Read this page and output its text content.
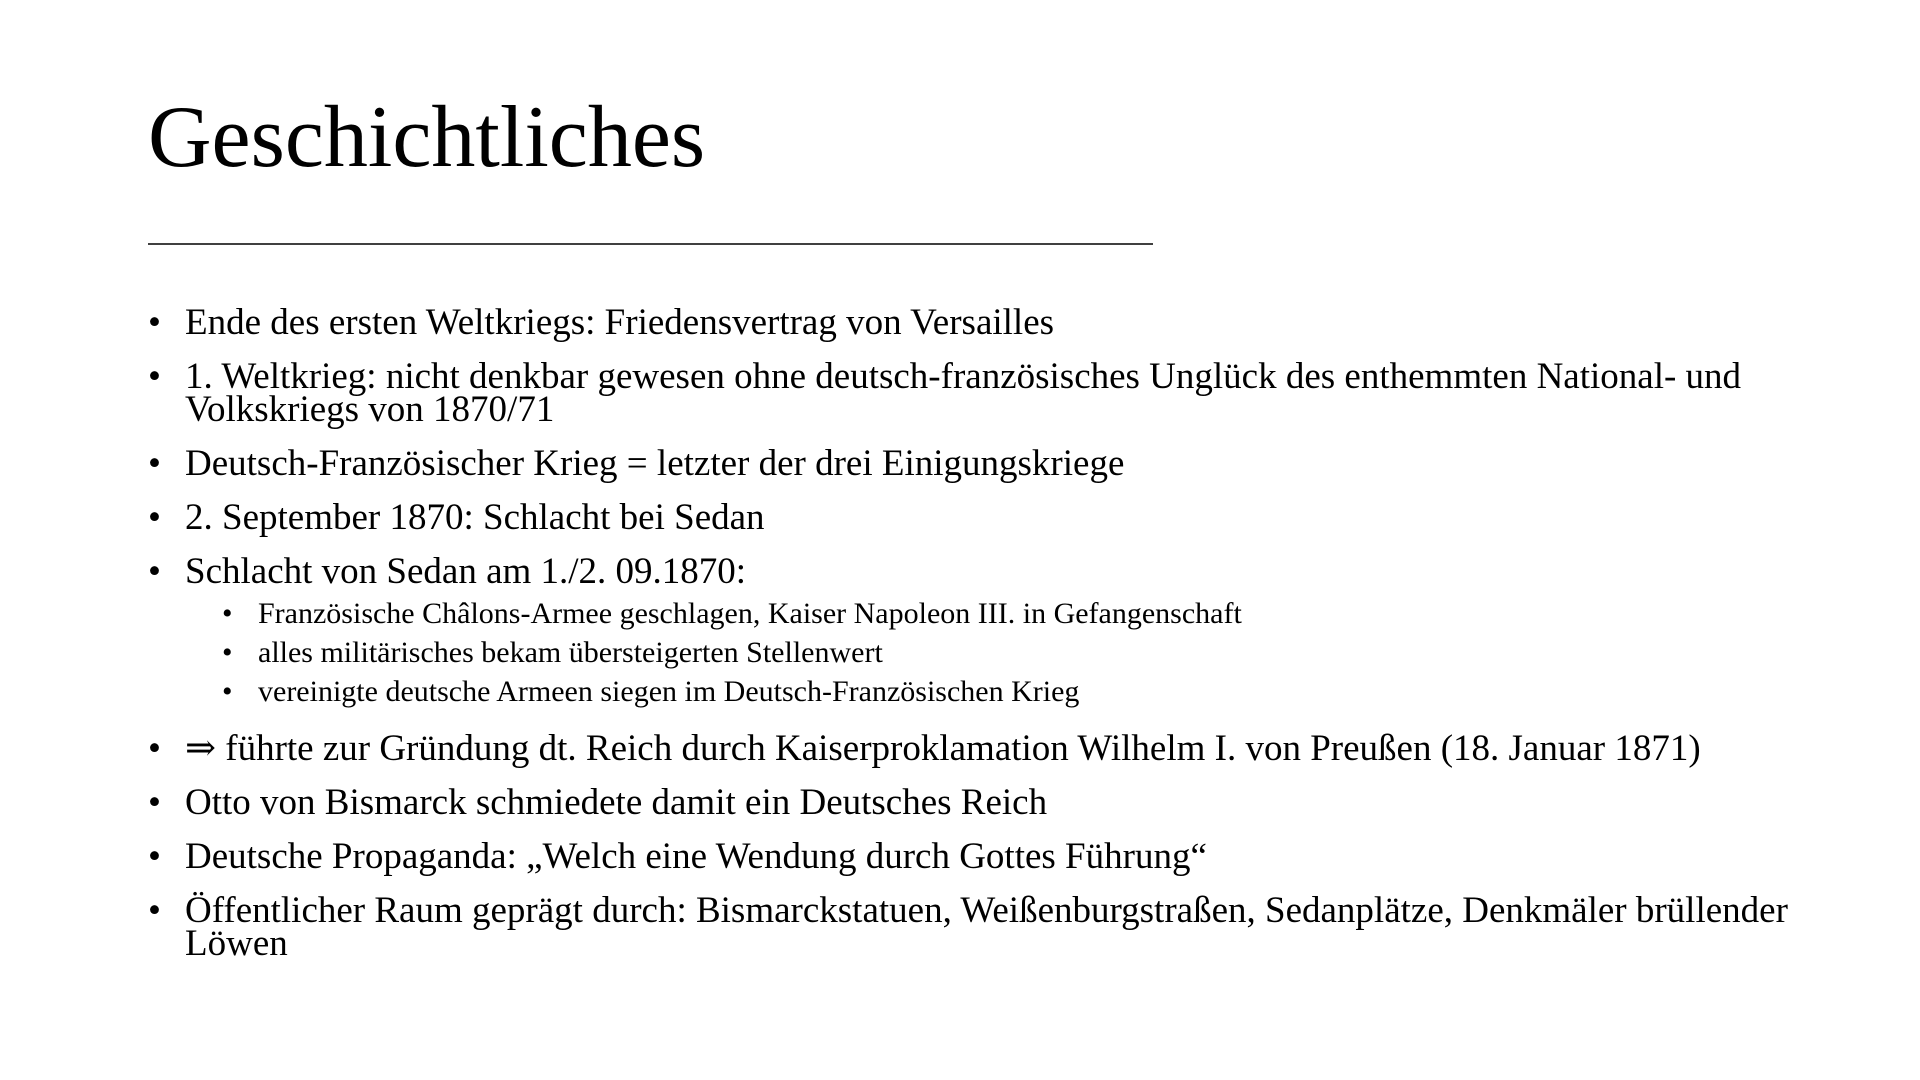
Geschichtliches
• Ende des ersten Weltkriegs: Friedensvertrag von Versailles
• 1. Weltkrieg: nicht denkbar gewesen ohne deutsch-französisches Unglück des enthemmten National- und Volkskriegs von 1870/71
• Deutsch-Französischer Krieg = letzter der drei Einigungskriege
• 2. September 1870: Schlacht bei Sedan
• Schlacht von Sedan am 1./2. 09.1870:
• Französische Châlons-Armee geschlagen, Kaiser Napoleon III. in Gefangenschaft
• alles militärisches bekam übersteigerten Stellenwert
• vereinigte deutsche Armeen siegen im Deutsch-Französischen Krieg
• ⇒ führte zur Gründung dt. Reich durch Kaiserproklamation Wilhelm I. von Preußen (18. Januar 1871)
• Otto von Bismarck schmiedete damit ein Deutsches Reich
• Deutsche Propaganda: „Welch eine Wendung durch Gottes Führung“
• Öffentlicher Raum geprägt durch: Bismarckstatuen, Weißenburgstraßen, Sedanplätze, Denkmäler brüllender Löwen
